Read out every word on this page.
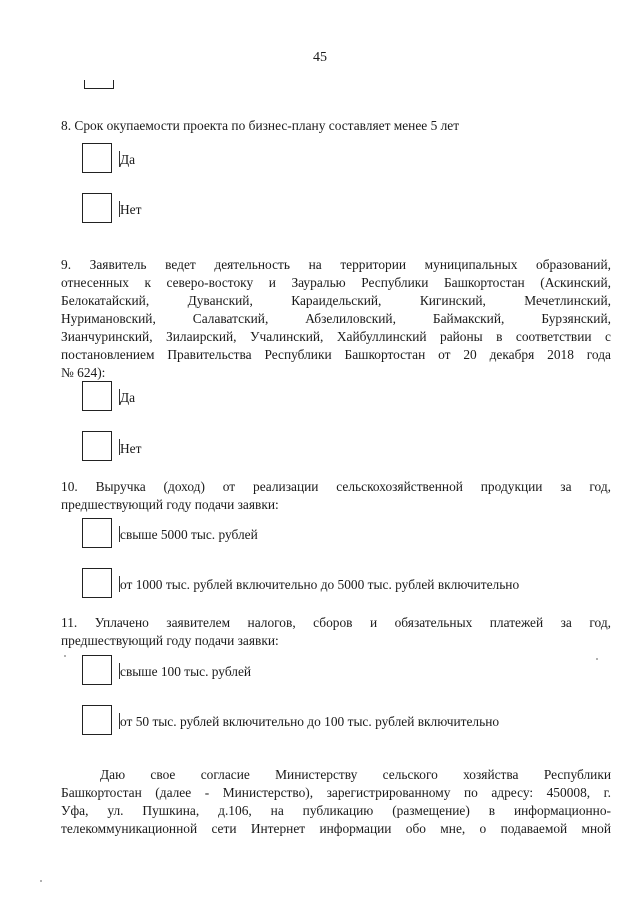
45
8. Срок окупаемости проекта по бизнес-плану составляет менее 5 лет
Да
Нет
9. Заявитель ведет деятельность на территории муниципальных образований,
отнесенных к северо-востоку и Зауралью Республики Башкортостан (Аскинский,
Белокатайский, Дуванский, Караидельский, Кигинский, Мечетлинский,
Нуримановский, Салаватский, Абзелиловский, Баймакский, Бурзянский,
Зианчуринский, Зилаирский, Учалинский, Хайбуллинский районы в соответствии с
постановлением Правительства Республики Башкортостан от 20 декабря 2018 года
№ 624):
Да
Нет
10. Выручка (доход) от реализации сельскохозяйственной продукции за год,
предшествующий году подачи заявки:
свыше 5000 тыс. рублей
от 1000 тыс. рублей включительно до 5000 тыс. рублей включительно
11. Уплачено заявителем налогов, сборов и обязательных платежей за год,
предшествующий году подачи заявки:
свыше 100 тыс. рублей
от 50 тыс. рублей включительно до 100 тыс. рублей включительно
Даю свое согласие Министерству сельского хозяйства Республики
Башкортостан (далее - Министерство), зарегистрированному по адресу: 450008, г.
Уфа, ул. Пушкина, д.106, на публикацию (размещение) в информационно-
телекоммуникационной сети Интернет информации обо мне, о подаваемой мной
